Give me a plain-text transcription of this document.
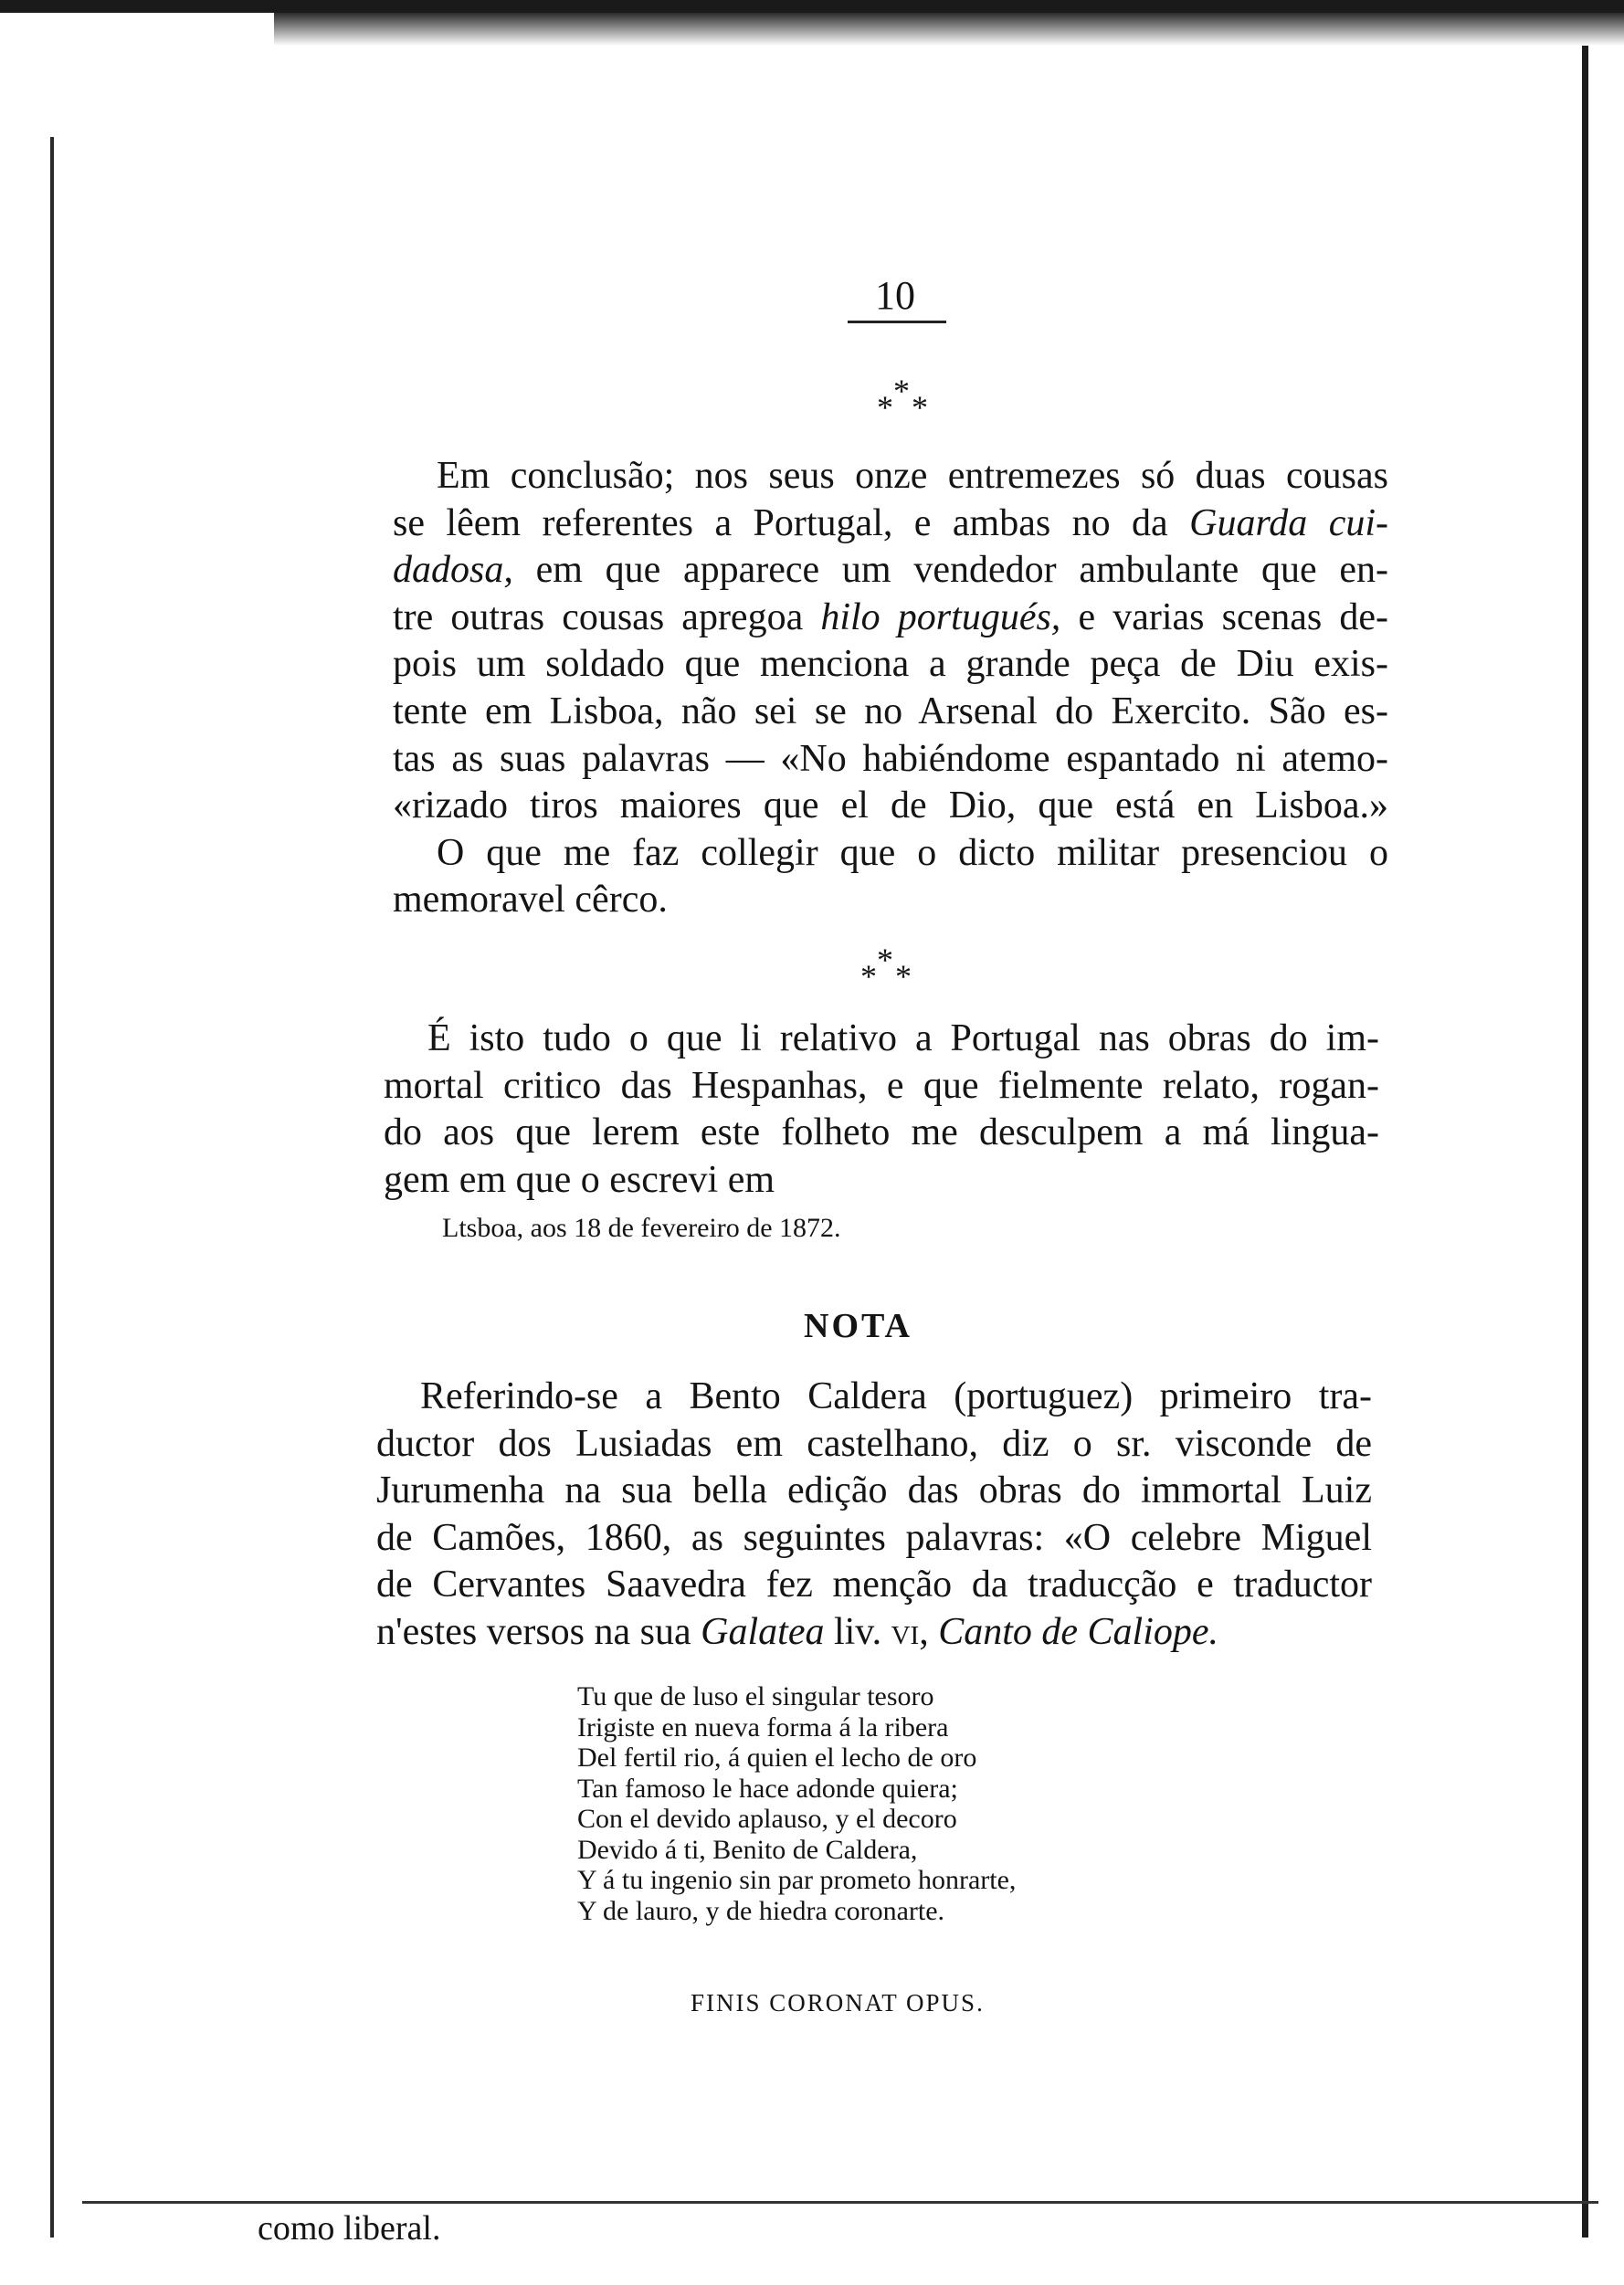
10
*
* *
Em conclusão; nos seus onze entremezes só duas cousas
se lêem referentes a Portugal, e ambas no da Guarda cui-
dadosa, em que apparece um vendedor ambulante que en-
tre outras cousas apregoa hilo portugués, e varias scenas de-
pois um soldado que menciona a grande peça de Diu exis-
tente em Lisboa, não sei se no Arsenal do Exercito. São es-
tas as suas palavras — «No habiéndome espantado ni atemo-
«rizado tiros maiores que el de Dio, que está en Lisboa.»
O que me faz collegir que o dicto militar presenciou o
memoravel cêrco.
*
* *
É isto tudo o que li relativo a Portugal nas obras do im-
mortal critico das Hespanhas, e que fielmente relato, rogan-
do aos que lerem este folheto me desculpem a má lingua-
gem em que o escrevi em
Ltsboa, aos 18 de fevereiro de 1872.
NOTA
Referindo-se a Bento Caldera (portuguez) primeiro tra-
ductor dos Lusiadas em castelhano, diz o sr. visconde de
Jurumenha na sua bella edição das obras do immortal Luiz
de Camões, 1860, as seguintes palavras: «O celebre Miguel
de Cervantes Saavedra fez menção da traducção e traductor
n'estes versos na sua Galatea liv. vi, Canto de Caliope.
Tu que de luso el singular tesoro
Irigiste en nueva forma á la ribera
Del fertil rio, á quien el lecho de oro
Tan famoso le hace adonde quiera;
Con el devido aplauso, y el decoro
Devido á ti, Benito de Caldera,
Y á tu ingenio sin par prometo honrarte,
Y de lauro, y de hiedra coronarte.
FINIS CORONAT OPUS.
como liberal.
